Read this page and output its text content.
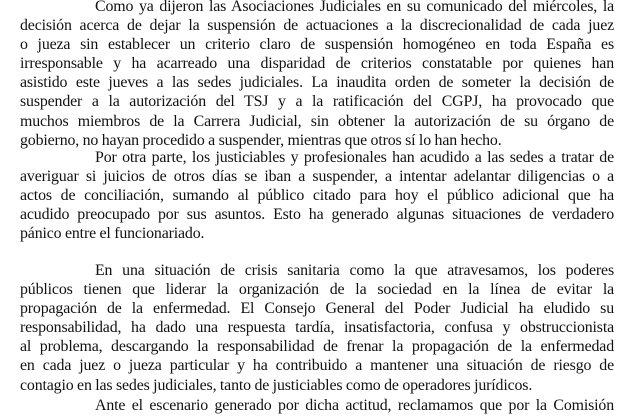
Como ya dijeron las Asociaciones Judiciales en su comunicado del miércoles, la
decisión acerca de dejar la suspensión de actuaciones a la discrecionalidad de cada juez
o jueza sin establecer un criterio claro de suspensión homogéneo en toda España es
irresponsable y ha acarreado una disparidad de criterios constatable por quienes han
asistido este jueves a las sedes judiciales. La inaudita orden de someter la decisión de
suspender a la autorización del TSJ y a la ratificación del CGPJ, ha provocado que
muchos miembros de la Carrera Judicial, sin obtener la autorización de su órgano de
gobierno, no hayan procedido a suspender, mientras que otros sí lo han hecho.
Por otra parte, los justiciables y profesionales han acudido a las sedes a tratar de
averiguar si juicios de otros días se iban a suspender, a intentar adelantar diligencias o a
actos de conciliación, sumando al público citado para hoy el público adicional que ha
acudido preocupado por sus asuntos. Esto ha generado algunas situaciones de verdadero
pánico entre el funcionariado.
En una situación de crisis sanitaria como la que atravesamos, los poderes
públicos tienen que liderar la organización de la sociedad en la línea de evitar la
propagación de la enfermedad. El Consejo General del Poder Judicial ha eludido su
responsabilidad, ha dado una respuesta tardía, insatisfactoria, confusa y obstruccionista
al problema, descargando la responsabilidad de frenar la propagación de la enfermedad
en cada juez o jueza particular y ha contribuido a mantener una situación de riesgo de
contagio en las sedes judiciales, tanto de justiciables como de operadores jurídicos.
Ante el escenario generado por dicha actitud, reclamamos que por la Comisión
